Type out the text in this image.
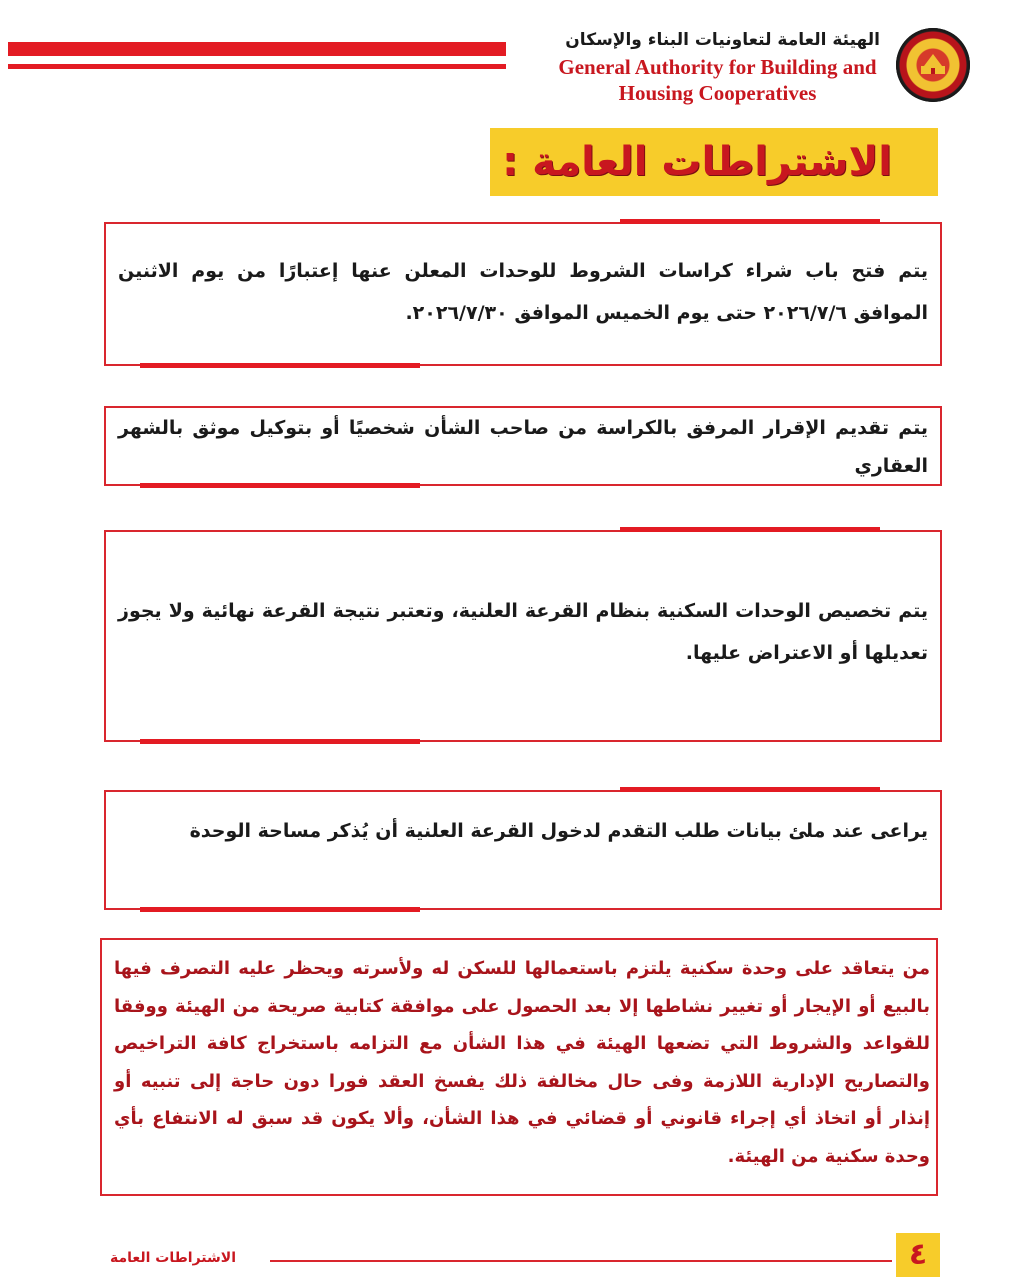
الهيئة العامة لتعاونيات البناء والإسكان
General Authority for Building and
Housing Cooperatives
الاشتراطات العامة :
يتم فتح باب شراء كراسات الشروط للوحدات المعلن عنها إعتبارًا من يوم الاثنين الموافق ٢٠٢٦/٧/٦ حتى يوم الخميس الموافق ٢٠٢٦/٧/٣٠.
يتم تقديم الإقرار المرفق بالكراسة من صاحب الشأن شخصيًا أو بتوكيل موثق بالشهر العقاري
يتم تخصيص الوحدات السكنية بنظام القرعة العلنية، وتعتبر نتيجة القرعة نهائية ولا يجوز تعديلها أو الاعتراض عليها.
يراعى عند ملئ بيانات طلب التقدم لدخول القرعة العلنية أن يُذكر مساحة الوحدة
من يتعاقد على وحدة سكنية يلتزم باستعمالها للسكن له ولأسرته ويحظر عليه التصرف فيها بالبيع أو الإيجار أو تغيير نشاطها إلا بعد الحصول على موافقة كتابية صريحة من الهيئة ووفقا للقواعد والشروط التي تضعها الهيئة في هذا الشأن مع التزامه باستخراج كافة التراخيص والتصاريح الإدارية اللازمة وفى حال مخالفة ذلك يفسخ العقد فورا دون حاجة إلى تنبيه أو إنذار أو اتخاذ أي إجراء قانوني أو قضائي في هذا الشأن، وألا يكون قد سبق له الانتفاع بأي وحدة سكنية من الهيئة.
الاشتراطات العامة	٤
